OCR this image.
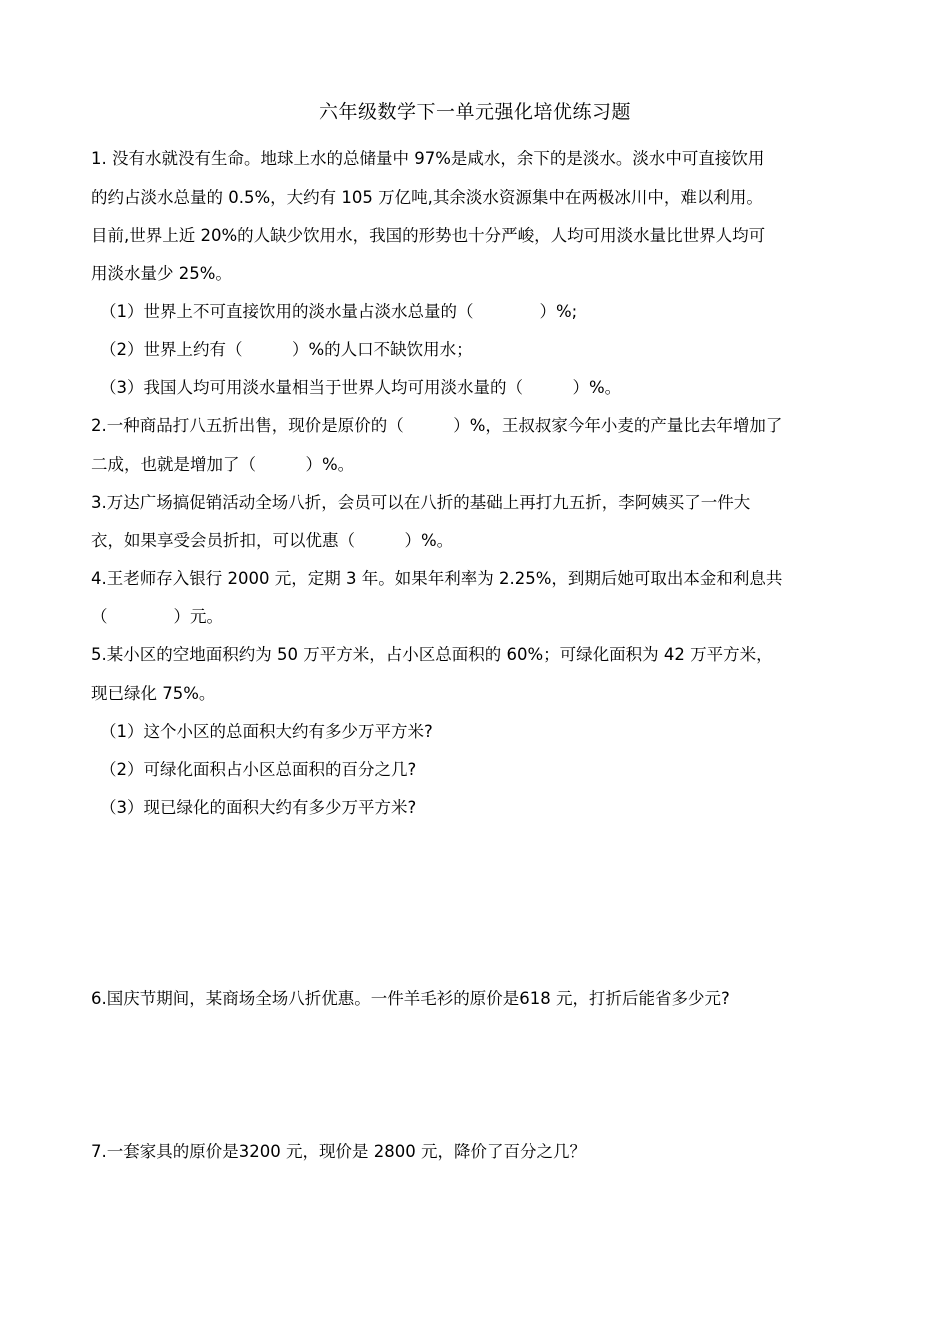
六年级数学下一单元强化培优练习题
1. 没有水就没有生命。地球上水的总储量中 97%是咸水，余下的是淡水。淡水中可直接饮用
的约占淡水总量的 0.5%，大约有 105 万亿吨,其余淡水资源集中在两极冰川中，难以利用。
目前,世界上近 20%的人缺少饮用水，我国的形势也十分严峻，人均可用淡水量比世界人均可
用淡水量少 25%。
（1）世界上不可直接饮用的淡水量占淡水总量的（　　　　）%;
（2）世界上约有（　　　）%的人口不缺饮用水；
（3）我国人均可用淡水量相当于世界人均可用淡水量的（　　　）%。
2.一种商品打八五折出售，现价是原价的（　　　）%，王叔叔家今年小麦的产量比去年增加了
二成，也就是增加了（　　　）%。
3.万达广场搞促销活动全场八折，会员可以在八折的基础上再打九五折，李阿姨买了一件大
衣，如果享受会员折扣，可以优惠（　　　）%。
4.王老师存入银行 2000 元，定期 3 年。如果年利率为 2.25%，到期后她可取出本金和利息共
（　　　　）元。
5.某小区的空地面积约为 50 万平方米，占小区总面积的 60%；可绿化面积为 42 万平方米，
现已绿化 75%。
（1）这个小区的总面积大约有多少万平方米?
（2）可绿化面积占小区总面积的百分之几?
（3）现已绿化的面积大约有多少万平方米?
6.国庆节期间，某商场全场八折优惠。一件羊毛衫的原价是618 元，打折后能省多少元?
7.一套家具的原价是3200 元，现价是 2800 元，降价了百分之几？
